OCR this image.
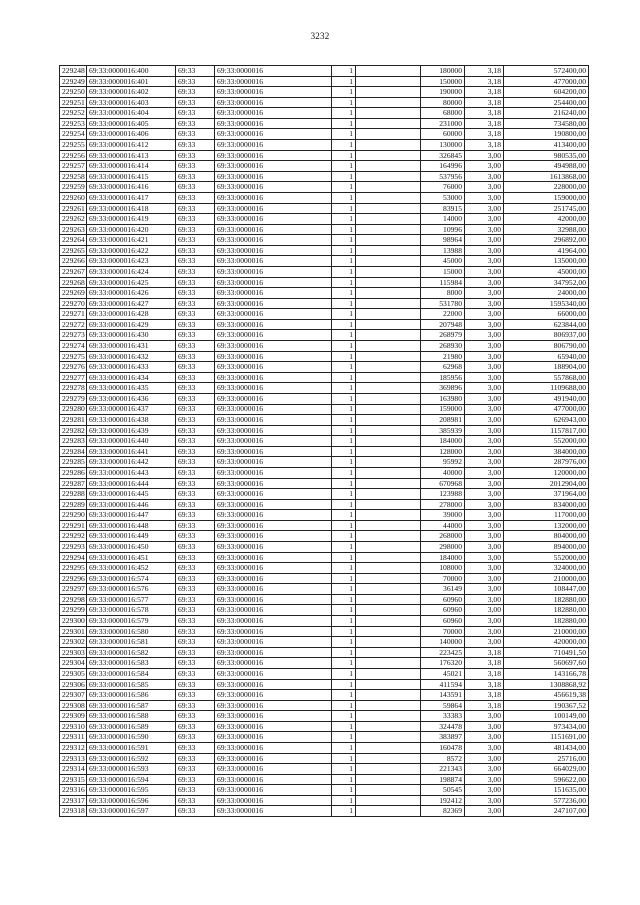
3232
229248	69:33:0000016:400	69:33	69:33:0000016	1		180000	3,18	572400,00
229249	69:33:0000016:401	69:33	69:33:0000016	1		150000	3,18	477000,00
229250	69:33:0000016:402	69:33	69:33:0000016	1		190000	3,18	604200,00
229251	69:33:0000016:403	69:33	69:33:0000016	1		80000	3,18	254400,00
229252	69:33:0000016:404	69:33	69:33:0000016	1		68000	3,18	216240,00
229253	69:33:0000016:405	69:33	69:33:0000016	1		231000	3,18	734580,00
229254	69:33:0000016:406	69:33	69:33:0000016	1		60000	3,18	190800,00
229255	69:33:0000016:412	69:33	69:33:0000016	1		130000	3,18	413400,00
229256	69:33:0000016:413	69:33	69:33:0000016	1		326845	3,00	980535,00
229257	69:33:0000016:414	69:33	69:33:0000016	1		164996	3,00	494988,00
229258	69:33:0000016:415	69:33	69:33:0000016	1		537956	3,00	1613868,00
229259	69:33:0000016:416	69:33	69:33:0000016	1		76000	3,00	228000,00
229260	69:33:0000016:417	69:33	69:33:0000016	1		53000	3,00	159000,00
229261	69:33:0000016:418	69:33	69:33:0000016	1		83915	3,00	251745,00
229262	69:33:0000016:419	69:33	69:33:0000016	1		14000	3,00	42000,00
229263	69:33:0000016:420	69:33	69:33:0000016	1		10996	3,00	32988,00
229264	69:33:0000016:421	69:33	69:33:0000016	1		98964	3,00	296892,00
229265	69:33:0000016:422	69:33	69:33:0000016	1		13988	3,00	41964,00
229266	69:33:0000016:423	69:33	69:33:0000016	1		45000	3,00	135000,00
229267	69:33:0000016:424	69:33	69:33:0000016	1		15000	3,00	45000,00
229268	69:33:0000016:425	69:33	69:33:0000016	1		115984	3,00	347952,00
229269	69:33:0000016:426	69:33	69:33:0000016	1		8000	3,00	24000,00
229270	69:33:0000016:427	69:33	69:33:0000016	1		531780	3,00	1595340,00
229271	69:33:0000016:428	69:33	69:33:0000016	1		22000	3,00	66000,00
229272	69:33:0000016:429	69:33	69:33:0000016	1		207948	3,00	623844,00
229273	69:33:0000016:430	69:33	69:33:0000016	1		268979	3,00	806937,00
229274	69:33:0000016:431	69:33	69:33:0000016	1		268930	3,00	806790,00
229275	69:33:0000016:432	69:33	69:33:0000016	1		21980	3,00	65940,00
229276	69:33:0000016:433	69:33	69:33:0000016	1		62968	3,00	188904,00
229277	69:33:0000016:434	69:33	69:33:0000016	1		185956	3,00	557868,00
229278	69:33:0000016:435	69:33	69:33:0000016	1		369896	3,00	1109688,00
229279	69:33:0000016:436	69:33	69:33:0000016	1		163980	3,00	491940,00
229280	69:33:0000016:437	69:33	69:33:0000016	1		159000	3,00	477000,00
229281	69:33:0000016:438	69:33	69:33:0000016	1		208981	3,00	626943,00
229282	69:33:0000016:439	69:33	69:33:0000016	1		385939	3,00	1157817,00
229283	69:33:0000016:440	69:33	69:33:0000016	1		184000	3,00	552000,00
229284	69:33:0000016:441	69:33	69:33:0000016	1		128000	3,00	384000,00
229285	69:33:0000016:442	69:33	69:33:0000016	1		95992	3,00	287976,00
229286	69:33:0000016:443	69:33	69:33:0000016	1		40000	3,00	120000,00
229287	69:33:0000016:444	69:33	69:33:0000016	1		670968	3,00	2012904,00
229288	69:33:0000016:445	69:33	69:33:0000016	1		123988	3,00	371964,00
229289	69:33:0000016:446	69:33	69:33:0000016	1		278000	3,00	834000,00
229290	69:33:0000016:447	69:33	69:33:0000016	1		39000	3,00	117000,00
229291	69:33:0000016:448	69:33	69:33:0000016	1		44000	3,00	132000,00
229292	69:33:0000016:449	69:33	69:33:0000016	1		268000	3,00	804000,00
229293	69:33:0000016:450	69:33	69:33:0000016	1		298000	3,00	894000,00
229294	69:33:0000016:451	69:33	69:33:0000016	1		184000	3,00	552000,00
229295	69:33:0000016:452	69:33	69:33:0000016	1		108000	3,00	324000,00
229296	69:33:0000016:574	69:33	69:33:0000016	1		70000	3,00	210000,00
229297	69:33:0000016:576	69:33	69:33:0000016	1		36149	3,00	108447,00
229298	69:33:0000016:577	69:33	69:33:0000016	1		60960	3,00	182880,00
229299	69:33:0000016:578	69:33	69:33:0000016	1		60960	3,00	182880,00
229300	69:33:0000016:579	69:33	69:33:0000016	1		60960	3,00	182880,00
229301	69:33:0000016:580	69:33	69:33:0000016	1		70000	3,00	210000,00
229302	69:33:0000016:581	69:33	69:33:0000016	1		140000	3,00	420000,00
229303	69:33:0000016:582	69:33	69:33:0000016	1		223425	3,18	710491,50
229304	69:33:0000016:583	69:33	69:33:0000016	1		176320	3,18	560697,60
229305	69:33:0000016:584	69:33	69:33:0000016	1		45021	3,18	143166,78
229306	69:33:0000016:585	69:33	69:33:0000016	1		411594	3,18	1308868,92
229307	69:33:0000016:586	69:33	69:33:0000016	1		143591	3,18	456619,38
229308	69:33:0000016:587	69:33	69:33:0000016	1		59864	3,18	190367,52
229309	69:33:0000016:588	69:33	69:33:0000016	1		33383	3,00	100149,00
229310	69:33:0000016:589	69:33	69:33:0000016	1		324478	3,00	973434,00
229311	69:33:0000016:590	69:33	69:33:0000016	1		383897	3,00	1151691,00
229312	69:33:0000016:591	69:33	69:33:0000016	1		160478	3,00	481434,00
229313	69:33:0000016:592	69:33	69:33:0000016	1		8572	3,00	25716,00
229314	69:33:0000016:593	69:33	69:33:0000016	1		221343	3,00	664029,00
229315	69:33:0000016:594	69:33	69:33:0000016	1		198874	3,00	596622,00
229316	69:33:0000016:595	69:33	69:33:0000016	1		50545	3,00	151635,00
229317	69:33:0000016:596	69:33	69:33:0000016	1		192412	3,00	577236,00
229318	69:33:0000016:597	69:33	69:33:0000016	1		82369	3,00	247107,00
